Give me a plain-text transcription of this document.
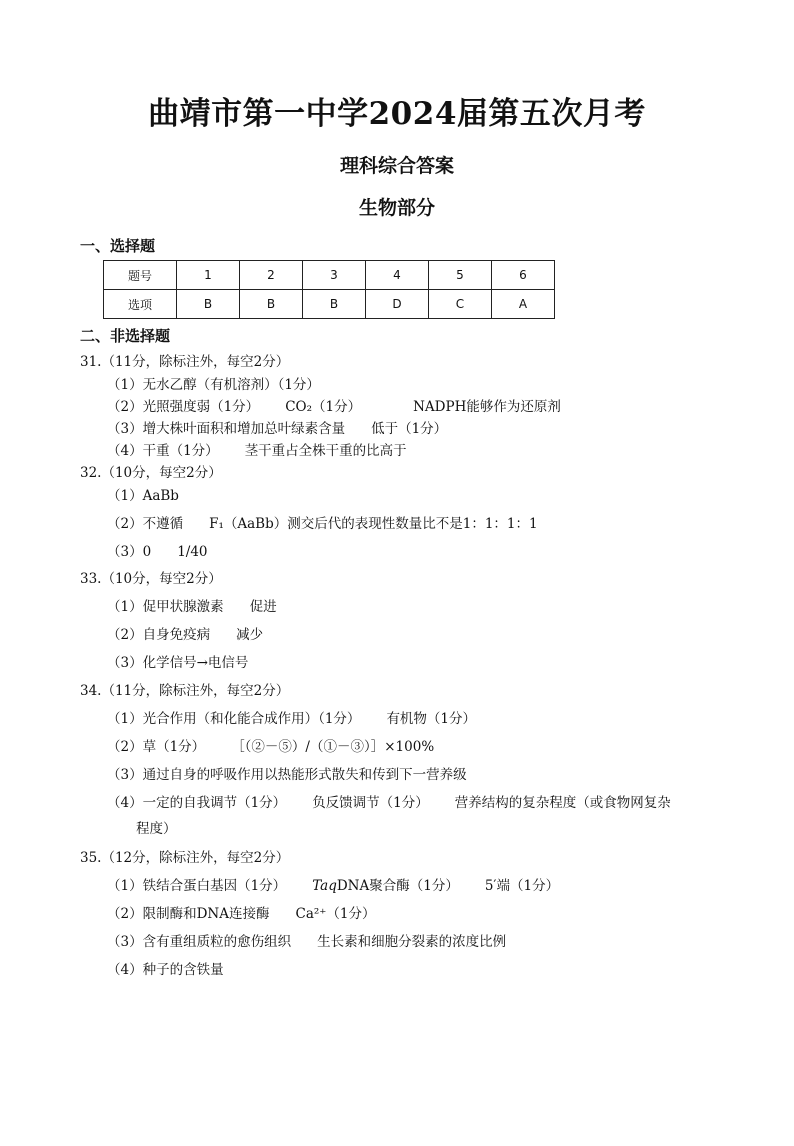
曲靖市第一中学2024届第五次月考
理科综合答案
生物部分
一、选择题
题号	1	2	3	4	5	6
选项	B	B	B	D	C	A
二、非选择题
31.（11分，除标注外，每空2分）
（1）无水乙醇（有机溶剂）（1分）
（2）光照强度弱（1分） CO₂（1分）	NADPH能够作为还原剂
（3）增大株叶面积和增加总叶绿素含量 低于（1分）
（4）干重（1分） 茎干重占全株干重的比高于
32.（10分，每空2分）
（1）AaBb
（2）不遵循 F₁（AaBb）测交后代的表现性数量比不是1：1：1：1
（3）0 1/40
33.（10分，每空2分）
（1）促甲状腺激素 促进
（2）自身免疫病 减少
（3）化学信号→电信号
34.（11分，除标注外，每空2分）
（1）光合作用（和化能合成作用）（1分） 有机物（1分）
（2）草（1分） ［（②－⑤）/（①－③）］×100%
（3）通过自身的呼吸作用以热能形式散失和传到下一营养级
（4）一定的自我调节（1分） 负反馈调节（1分） 营养结构的复杂程度（或食物网复杂
程度）
35.（12分，除标注外，每空2分）
（1）铁结合蛋白基因（1分） TaqDNA聚合酶（1分） 5′端（1分）
（2）限制酶和DNA连接酶 Ca²⁺（1分）
（3）含有重组质粒的愈伤组织 生长素和细胞分裂素的浓度比例
（4）种子的含铁量
